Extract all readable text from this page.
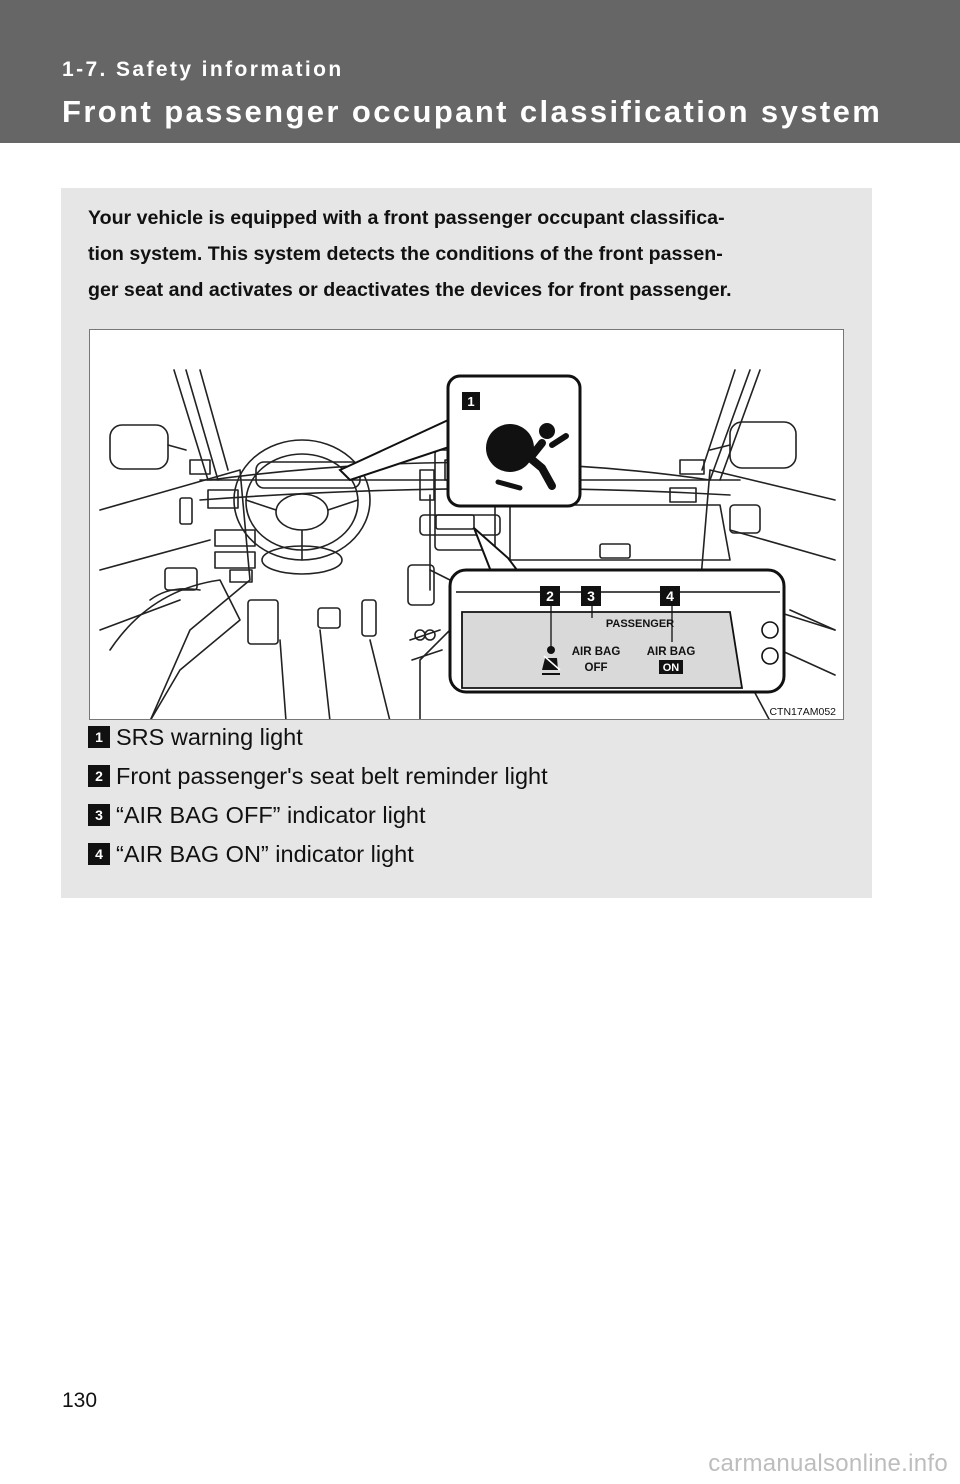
1-7. Safety information
Front passenger occupant classification system
Your vehicle is equipped with a front passenger occupant classifica-
tion system. This system detects the conditions of the front passen-
ger seat and activates or deactivates the devices for front passenger.
1
2 3	4
PASSENGER
AIR BAG
OFF
AIR BAG
ON
CTN17AM052
1 SRS warning light
2 Front passenger's seat belt reminder light
3 “AIR BAG OFF” indicator light
4 “AIR BAG ON” indicator light
130
carmanualsonline.info
